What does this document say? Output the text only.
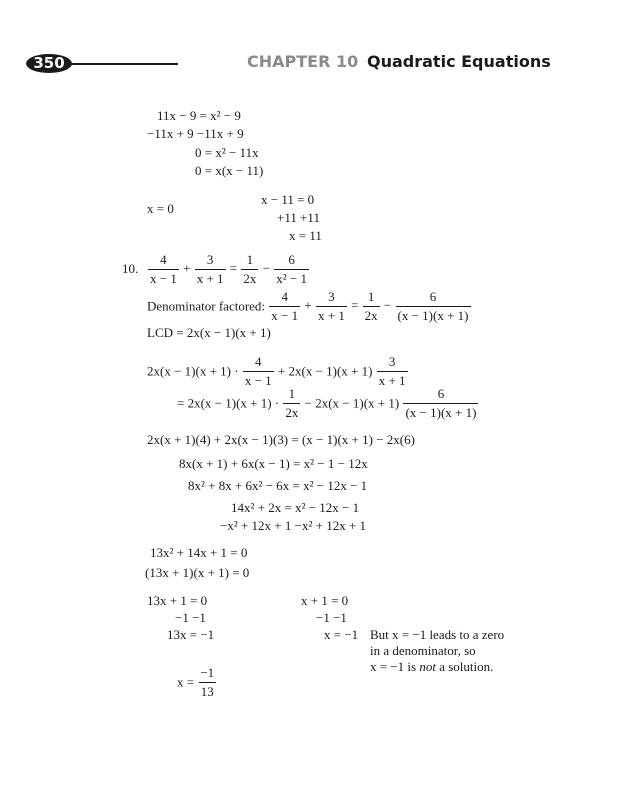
350	CHAPTER 10 Quadratic Equations
11x − 9 = x² − 9
−11x + 9 −11x + 9
0 = x² − 11x
0 = x(x − 11)
x = 0
x − 11 = 0
+11 +11
x = 11
10. $\frac{4}{x - 1} + \frac{3}{x + 1} = \frac{1}{2x} - \frac{6}{\text{x² − 1}}$
Denominator factored: $\frac{4}{x - 1} + \frac{3}{x + 1} = \frac{1}{2x} - \frac{6}{(x - 1)(x + 1)}$
LCD = 2x(x − 1)(x + 1)
$2x(x - 1)(x + 1) \cdot \frac{4}{x - 1} + 2x(x - 1)(x + 1) \frac{3}{x + 1}$
= $2x(x - 1)(x + 1) \cdot \frac{1}{2x} - 2x(x - 1)(x + 1) \frac{6}{(x - 1)(x + 1)}$
2x(x + 1)(4) + 2x(x − 1)(3) = (x − 1)(x + 1) − 2x(6)
8x(x + 1) + 6x(x − 1) = x² − 1 − 12x
8x² + 8x + 6x² − 6x = x² − 12x − 1
14x² + 2x = x² − 12x − 1
−x² + 12x + 1 −x² + 12x + 1
13x² + 14x + 1 = 0
(13x + 1)(x + 1) = 0
13x + 1 = 0
−1 −1
13x = −1
$x = \frac{-1}{13}$
x + 1 = 0
−1 −1
x = −1 But x = −1 leads to a zero
in a denominator, so
x = −1 is not a solution.
